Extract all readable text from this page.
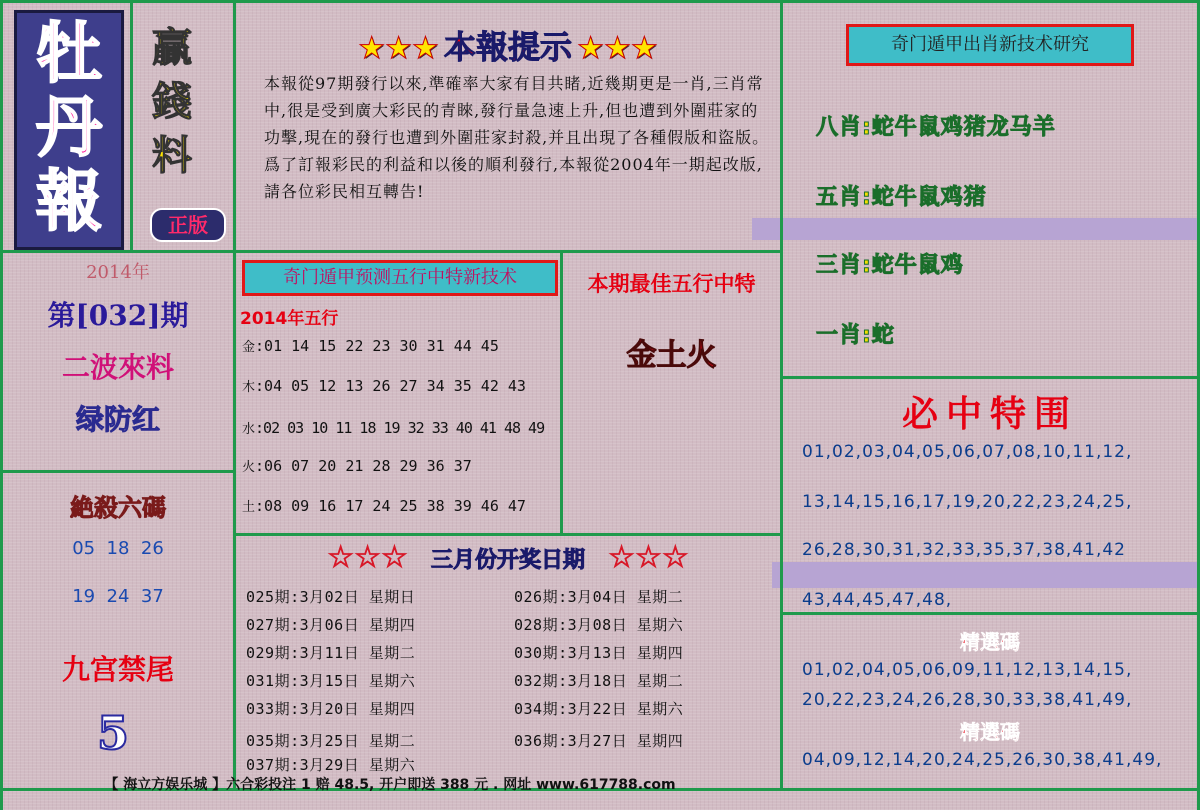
牡
丹
報
贏
錢
料
正版
★★★ 本報提示 ★★★
本報從97期發行以來,準確率大家有目共睹,近幾期更是一肖,三肖常中,很是受到廣大彩民的青睞,發行量急速上升,但也遭到外圍莊家的功擊,現在的發行也遭到外圍莊家封殺,并且出現了各種假版和盜版。爲了訂報彩民的利益和以後的順利發行,本報從2004年一期起改版,請各位彩民相互轉告!
2014年
第[032]期
二波來料
绿防红
絶殺六碼
05  18  26
19  24  37
九宫禁尾
5
奇门遁甲预测五行中特新技术
2014年五行
金:01 14 15 22 23 30 31 44 45
木:04 05 12 13 26 27 34 35 42 43
水:02 03 10 11 18 19 32 33 40 41 48 49
火:06 07 20 21 28 29 36 37
土:08 09 16 17 24 25 38 39 46 47
本期最佳五行中特
金土火
☆☆☆ 三月份开奖日期 ☆☆☆
025期:3月02日 星期日
027期:3月06日 星期四
029期:3月11日 星期二
031期:3月15日 星期六
033期:3月20日 星期四
035期:3月25日 星期二
037期:3月29日 星期六
026期:3月04日 星期二
028期:3月08日 星期六
030期:3月13日 星期四
032期:3月18日 星期二
034期:3月22日 星期六
036期:3月27日 星期四
奇门遁甲出肖新技术研究
八肖:蛇牛鼠鸡猪龙马羊
五肖:蛇牛鼠鸡猪
三肖:蛇牛鼠鸡
一肖:蛇
必中特围
01,02,03,04,05,06,07,08,10,11,12,
13,14,15,16,17,19,20,22,23,24,25,
26,28,30,31,32,33,35,37,38,41,42
43,44,45,47,48,
精選碼
01,02,04,05,06,09,11,12,13,14,15,
20,22,23,24,26,28,30,33,38,41,49,
精選碼
04,09,12,14,20,24,25,26,30,38,41,49,
【 海立方娱乐城 】六合彩投注 1 赔 48.5, 开户即送 388 元 . 网址 www.617788.com
